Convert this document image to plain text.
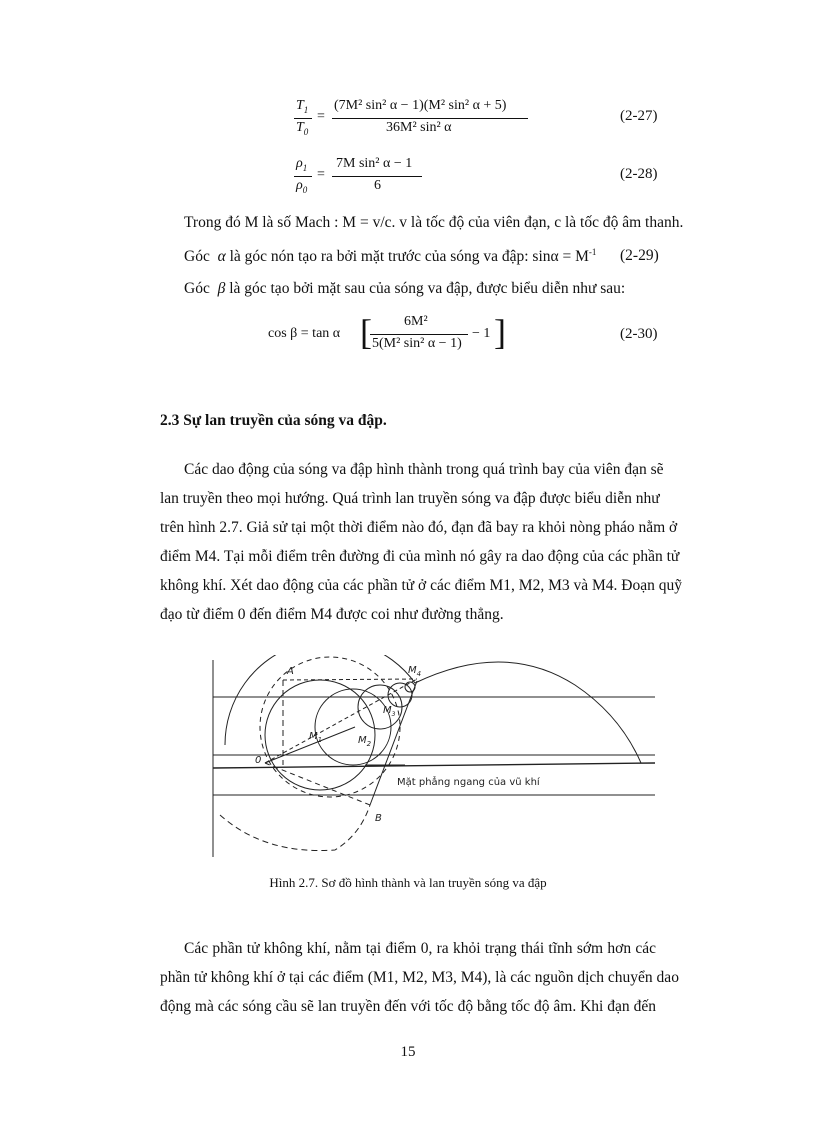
$T_1$
$T_0$
=
(7M² sin² α − 1)(M² sin² α + 5)
36M² sin² α
(2-27)
$\rho_1$
$\rho_0$
=
7M sin² α − 1
6
(2-28)
Trong đó M là số Mach : M = v/c. v là tốc độ của viên đạn, c là tốc độ âm thanh.
Góc α là góc nón tạo ra bởi mặt trước của sóng va đập: $\sin\alpha = M^{-1}$ (2-29)
Góc β là góc tạo bởi mặt sau của sóng va đập, được biểu diễn như sau:
cos β = tan α [ 6M²
5(M² sin² α − 1)
− 1 ]	(2-30)
2.3 Sự lan truyền của sóng va đập.
Các dao động của sóng va đập hình thành trong quá trình bay của viên đạn sẽ
lan truyền theo mọi hướng. Quá trình lan truyền sóng va đập được biểu diễn như
trên hình 2.7. Giả sử tại một thời điểm nào đó, đạn đã bay ra khỏi nòng pháo nằm ở
điểm M4. Tại mỗi điểm trên đường đi của mình nó gây ra dao động của các phần tử
không khí. Xét dao động của các phần tử ở các điểm M1, M2, M3 và M4. Đoạn quỹ
đạo từ điểm 0 đến điểm M4 được coi như đường thẳng.
A
0
B
$M_1$	$M_2$
$M_3$
$M_4$
Mặt phẳng ngang của vũ khí
Hình 2.7. Sơ đồ hình thành và lan truyền sóng va đập
Các phần tử không khí, nằm tại điểm 0, ra khỏi trạng thái tĩnh sớm hơn các
phần tử không khí ở tại các điểm (M1, M2, M3, M4), là các nguồn dịch chuyển dao
động mà các sóng cầu sẽ lan truyền đến với tốc độ bằng tốc độ âm. Khi đạn đến
15
